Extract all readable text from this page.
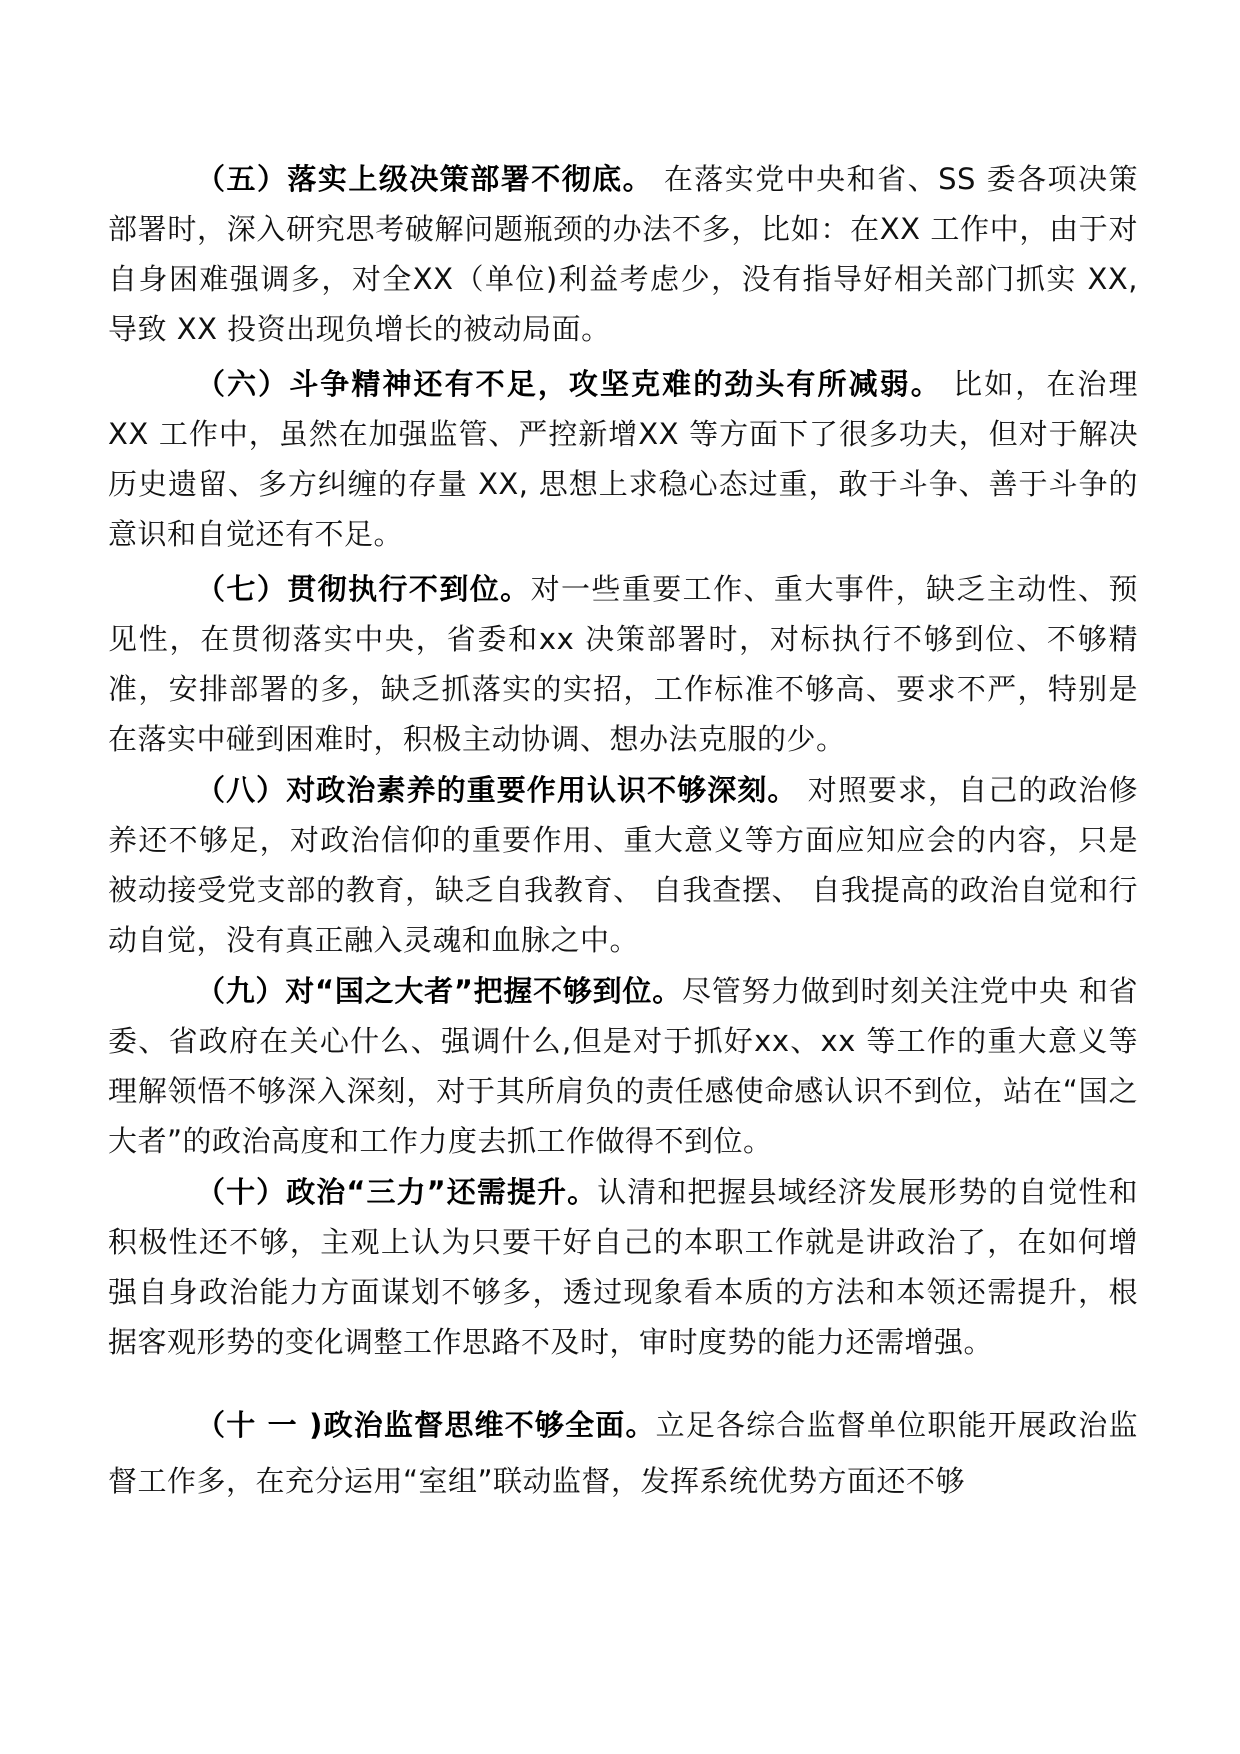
（五）落实上级决策部署不彻底。 在落实党中央和省、SS 委各项决策部署时，深入研究思考破解问题瓶颈的办法不多，比如：在XX 工作中，由于对自身困难强调多，对全XX（单位)利益考虑少，没有指导好相关部门抓实 XX, 导致 XX 投资出现负增长的被动局面。

（六）斗争精神还有不足，攻坚克难的劲头有所减弱。 比如，在治理 XX 工作中，虽然在加强监管、严控新增XX 等方面下了很多功夫，但对于解决历史遗留、多方纠缠的存量 XX, 思想上求稳心态过重，敢于斗争、善于斗争的意识和自觉还有不足。

（七）贯彻执行不到位。对一些重要工作、重大事件，缺乏主动性、预见性，在贯彻落实中央，省委和xx 决策部署时，对标执行不够到位、不够精准，安排部署的多，缺乏抓落实的实招，工作标准不够高、要求不严，特别是在落实中碰到困难时，积极主动协调、想办法克服的少。

（八）对政治素养的重要作用认识不够深刻。 对照要求，自己的政治修养还不够足，对政治信仰的重要作用、重大意义等方面应知应会的内容，只是被动接受党支部的教育，缺乏自我教育、 自我查摆、 自我提高的政治自觉和行动自觉，没有真正融入灵魂和血脉之中。

（九）对“国之大者”把握不够到位。尽管努力做到时刻关注党中央 和省委、省政府在关心什么、强调什么,但是对于抓好xx、xx 等工作的重大意义等理解领悟不够深入深刻，对于其所肩负的责任感使命感认识不到位，站在“国之大者”的政治高度和工作力度去抓工作做得不到位。

（十）政治“三力”还需提升。认清和把握县域经济发展形势的自觉性和积极性还不够，主观上认为只要干好自己的本职工作就是讲政治了，在如何增强自身政治能力方面谋划不够多，透过现象看本质的方法和本领还需提升，根据客观形势的变化调整工作思路不及时，审时度势的能力还需增强。

（十 一 )政治监督思维不够全面。立足各综合监督单位职能开展政治监督工作多，在充分运用“室组”联动监督，发挥系统优势方面还不够
